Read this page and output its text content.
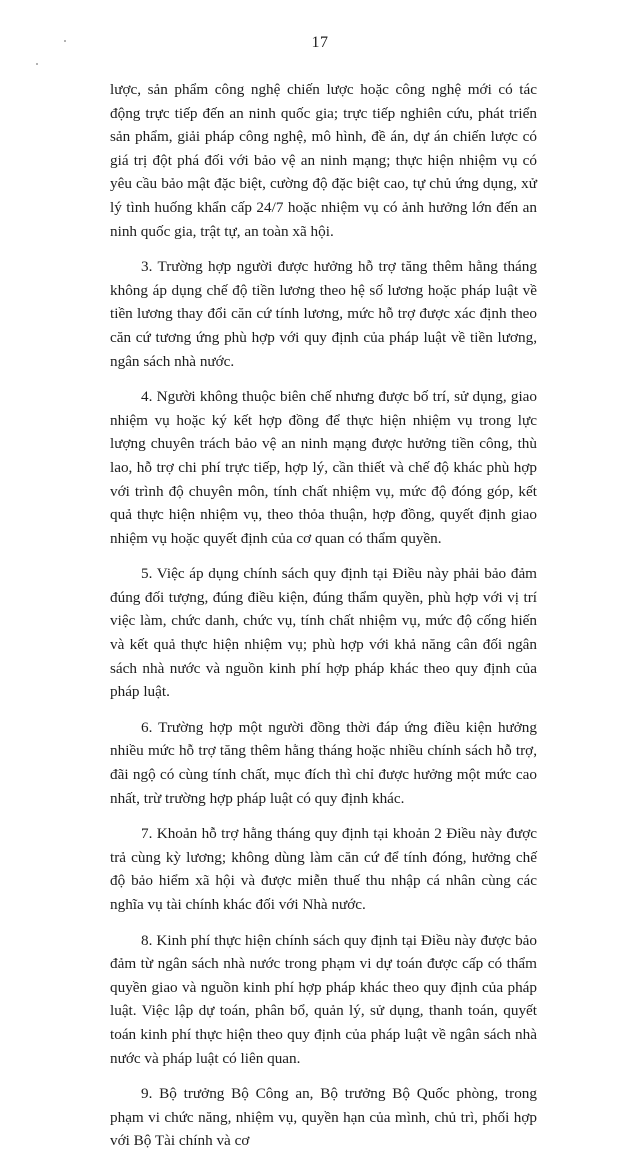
17

lược, sản phẩm công nghệ chiến lược hoặc công nghệ mới có tác động trực tiếp đến an ninh quốc gia; trực tiếp nghiên cứu, phát triển sản phẩm, giải pháp công nghệ, mô hình, đề án, dự án chiến lược có giá trị đột phá đối với bảo vệ an ninh mạng; thực hiện nhiệm vụ có yêu cầu bảo mật đặc biệt, cường độ đặc biệt cao, tự chủ ứng dụng, xử lý tình huống khẩn cấp 24/7 hoặc nhiệm vụ có ảnh hưởng lớn đến an ninh quốc gia, trật tự, an toàn xã hội.

3. Trường hợp người được hưởng hỗ trợ tăng thêm hằng tháng không áp dụng chế độ tiền lương theo hệ số lương hoặc pháp luật về tiền lương thay đổi căn cứ tính lương, mức hỗ trợ được xác định theo căn cứ tương ứng phù hợp với quy định của pháp luật về tiền lương, ngân sách nhà nước.

4. Người không thuộc biên chế nhưng được bố trí, sử dụng, giao nhiệm vụ hoặc ký kết hợp đồng để thực hiện nhiệm vụ trong lực lượng chuyên trách bảo vệ an ninh mạng được hưởng tiền công, thù lao, hỗ trợ chi phí trực tiếp, hợp lý, cần thiết và chế độ khác phù hợp với trình độ chuyên môn, tính chất nhiệm vụ, mức độ đóng góp, kết quả thực hiện nhiệm vụ, theo thỏa thuận, hợp đồng, quyết định giao nhiệm vụ hoặc quyết định của cơ quan có thẩm quyền.

5. Việc áp dụng chính sách quy định tại Điều này phải bảo đảm đúng đối tượng, đúng điều kiện, đúng thẩm quyền, phù hợp với vị trí việc làm, chức danh, chức vụ, tính chất nhiệm vụ, mức độ cống hiến và kết quả thực hiện nhiệm vụ; phù hợp với khả năng cân đối ngân sách nhà nước và nguồn kinh phí hợp pháp khác theo quy định của pháp luật.

6. Trường hợp một người đồng thời đáp ứng điều kiện hưởng nhiều mức hỗ trợ tăng thêm hằng tháng hoặc nhiều chính sách hỗ trợ, đãi ngộ có cùng tính chất, mục đích thì chỉ được hưởng một mức cao nhất, trừ trường hợp pháp luật có quy định khác.

7. Khoản hỗ trợ hằng tháng quy định tại khoản 2 Điều này được trả cùng kỳ lương; không dùng làm căn cứ để tính đóng, hưởng chế độ bảo hiểm xã hội và được miễn thuế thu nhập cá nhân cùng các nghĩa vụ tài chính khác đối với Nhà nước.

8. Kinh phí thực hiện chính sách quy định tại Điều này được bảo đảm từ ngân sách nhà nước trong phạm vi dự toán được cấp có thẩm quyền giao và nguồn kinh phí hợp pháp khác theo quy định của pháp luật. Việc lập dự toán, phân bổ, quản lý, sử dụng, thanh toán, quyết toán kinh phí thực hiện theo quy định của pháp luật về ngân sách nhà nước và pháp luật có liên quan.

9. Bộ trưởng Bộ Công an, Bộ trưởng Bộ Quốc phòng, trong phạm vi chức năng, nhiệm vụ, quyền hạn của mình, chủ trì, phối hợp với Bộ Tài chính và cơ
